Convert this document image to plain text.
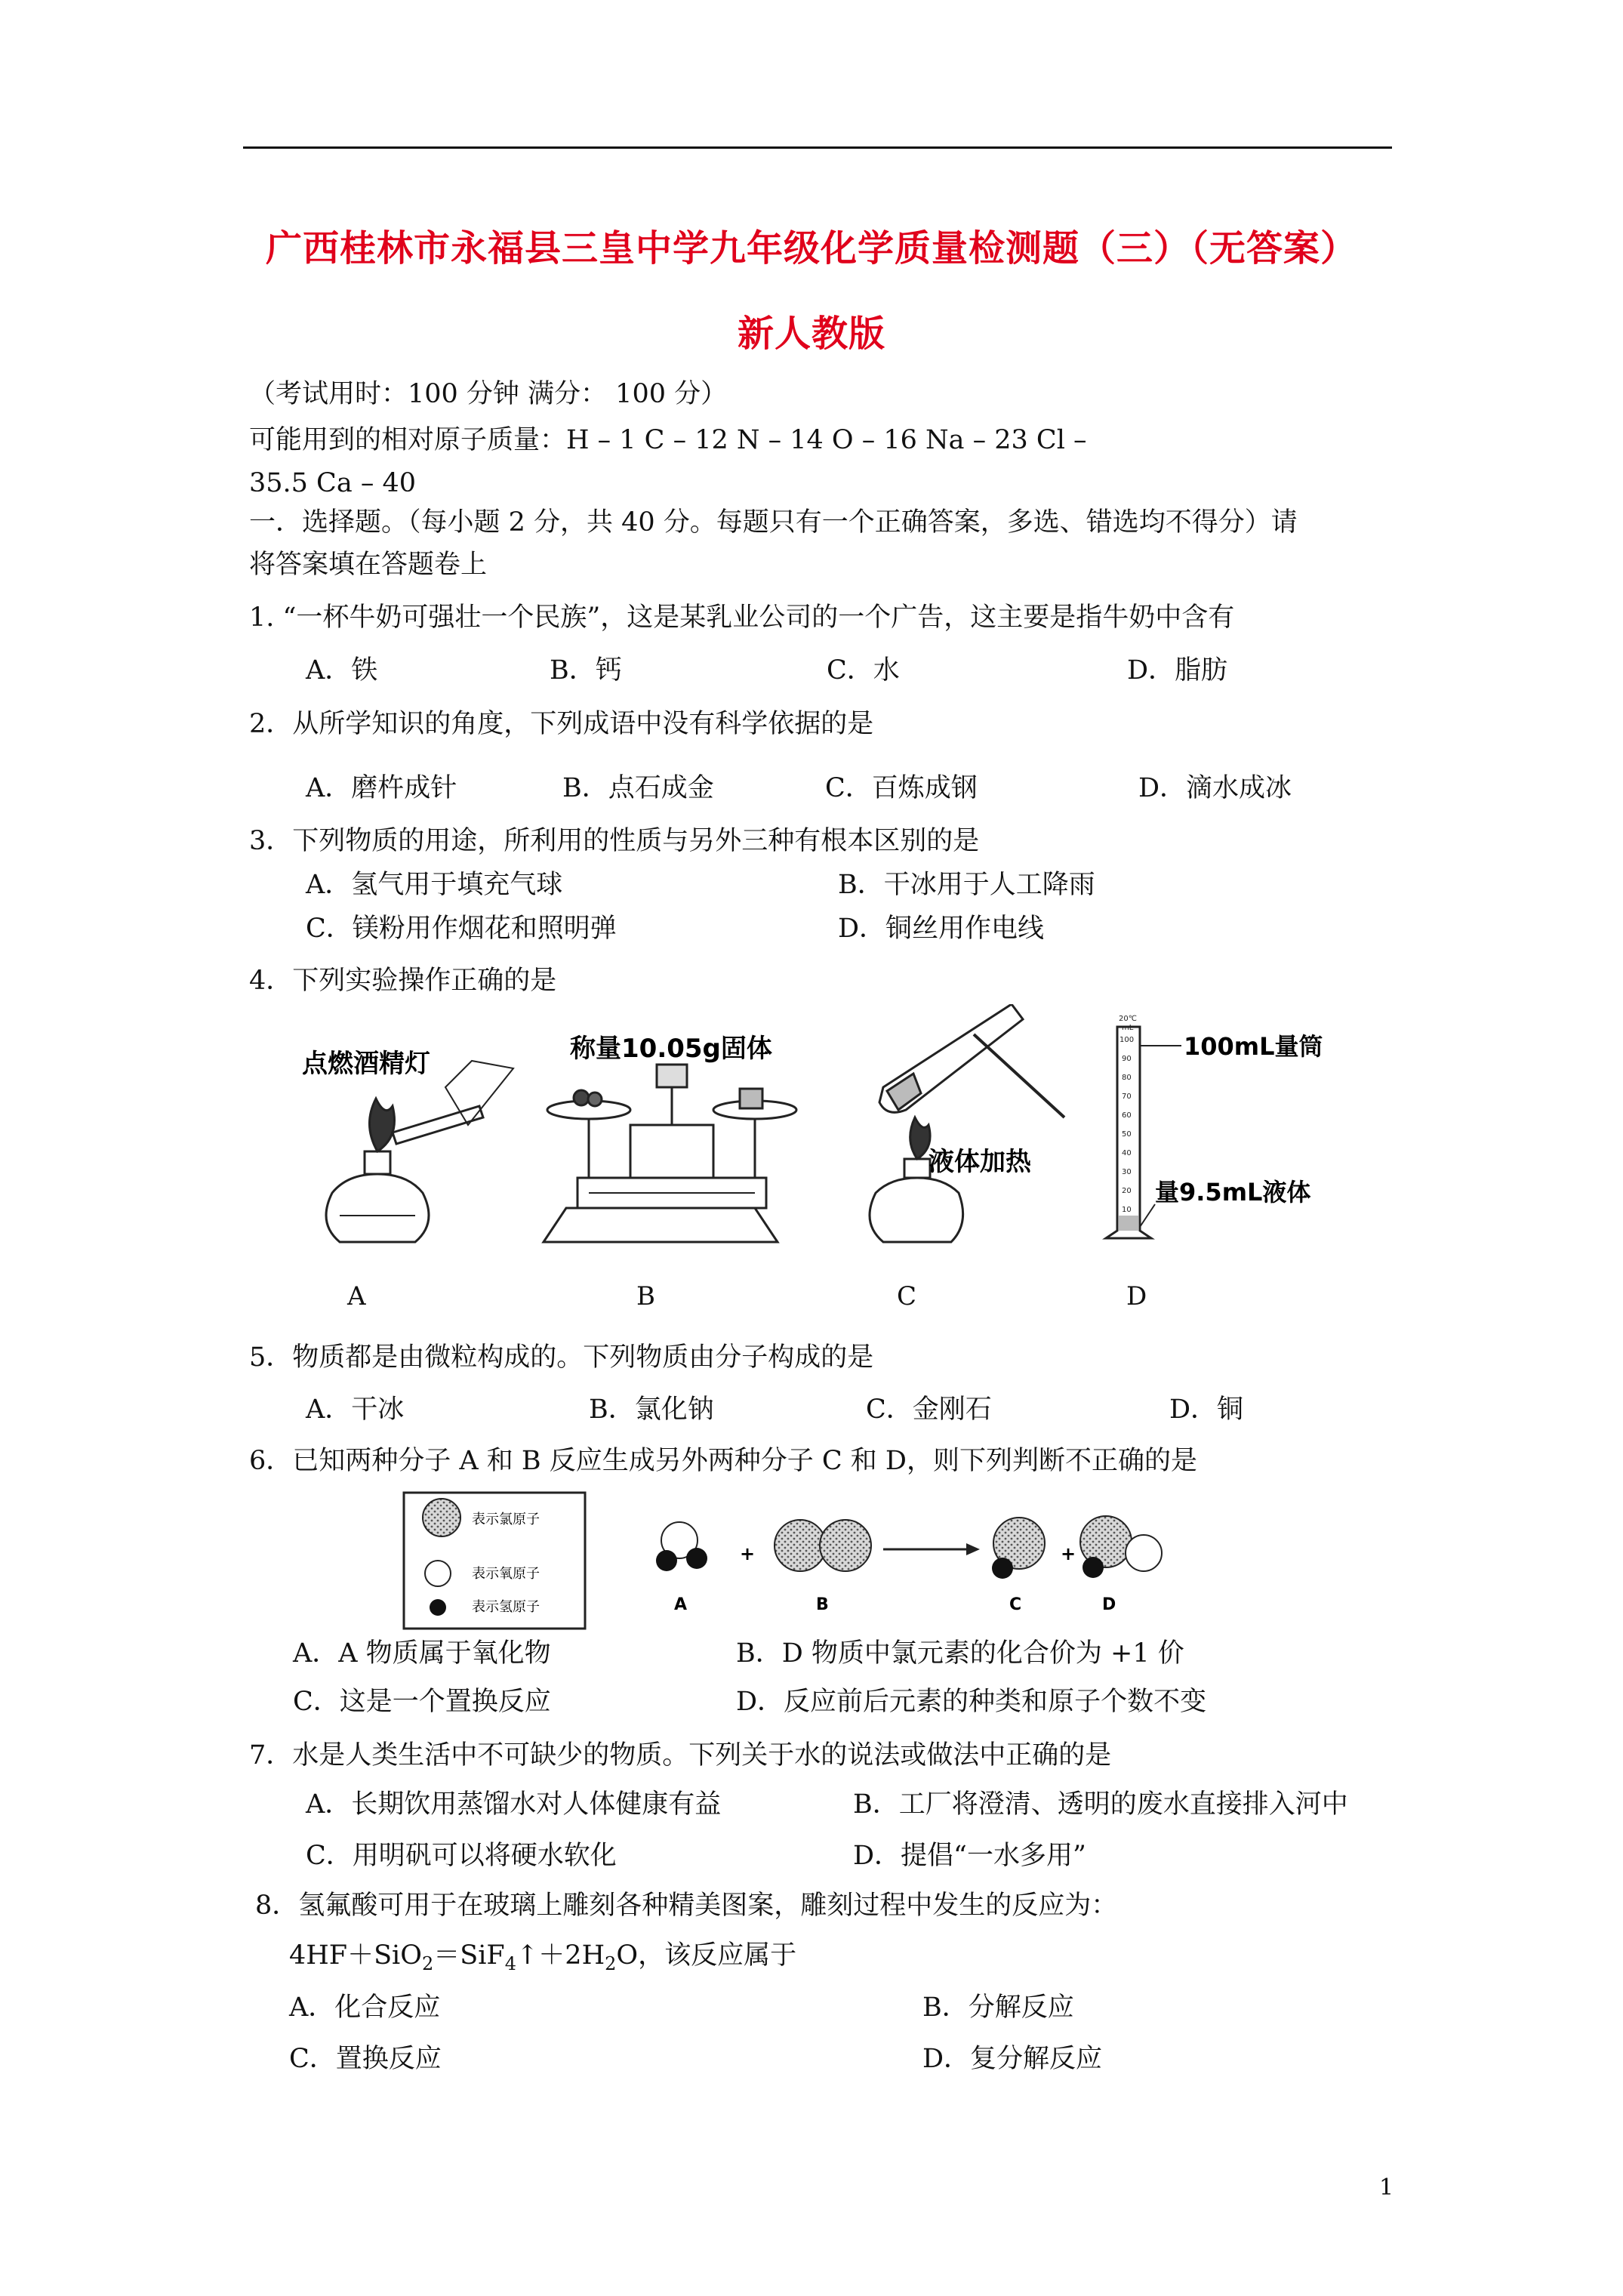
广西桂林市永福县三皇中学九年级化学质量检测题（三）（无答案）
新人教版
（考试用时：100 分钟 满分： 100 分）
可能用到的相对原子质量：H – 1 C – 12 N – 14 O – 16 Na – 23 Cl –
35.5 Ca – 40
一．选择题。（每小题 2 分，共 40 分。每题只有一个正确答案，多选、错选均不得分）请
将答案填在答题卷上
1. “一杯牛奶可强壮一个民族”，这是某乳业公司的一个广告，这主要是指牛奶中含有
A．铁	B．钙	C．水	D．脂肪
2．从所学知识的角度，下列成语中没有科学依据的是
A．磨杵成针	B．点石成金	C．百炼成钢	D．滴水成冰
3．下列物质的用途，所利用的性质与另外三种有根本区别的是
A．氢气用于填充气球	B．干冰用于人工降雨
C．镁粉用作烟花和照明弹	D．铜丝用作电线
4．下列实验操作正确的是
点燃酒精灯	称量10.05g固体
液体加热
20℃
mL
100
90
80
70
60
50
40
30
20
10
100mL量筒
量9.5mL液体
A	B	C	D
5．物质都是由微粒构成的。下列物质由分子构成的是
A．干冰	B．氯化钠	C．金刚石	D．铜
6．已知两种分子 A 和 B 反应生成另外两种分子 C 和 D，则下列判断不正确的是
表示氯原子
表示氧原子
表示氢原子	A
+
B	C
+
D
A．A 物质属于氧化物	B．D 物质中氯元素的化合价为 +1 价
C．这是一个置换反应	D．反应前后元素的种类和原子个数不变
7．水是人类生活中不可缺少的物质。下列关于水的说法或做法中正确的是
A．长期饮用蒸馏水对人体健康有益	B．工厂将澄清、透明的废水直接排入河中
C．用明矾可以将硬水软化	D．提倡“一水多用”
8．氢氟酸可用于在玻璃上雕刻各种精美图案，雕刻过程中发生的反应为：
$4HF+SiO_2=SiF_4↑+2H_2O$，该反应属于
A．化合反应	B．分解反应
C．置换反应	D．复分解反应
1
